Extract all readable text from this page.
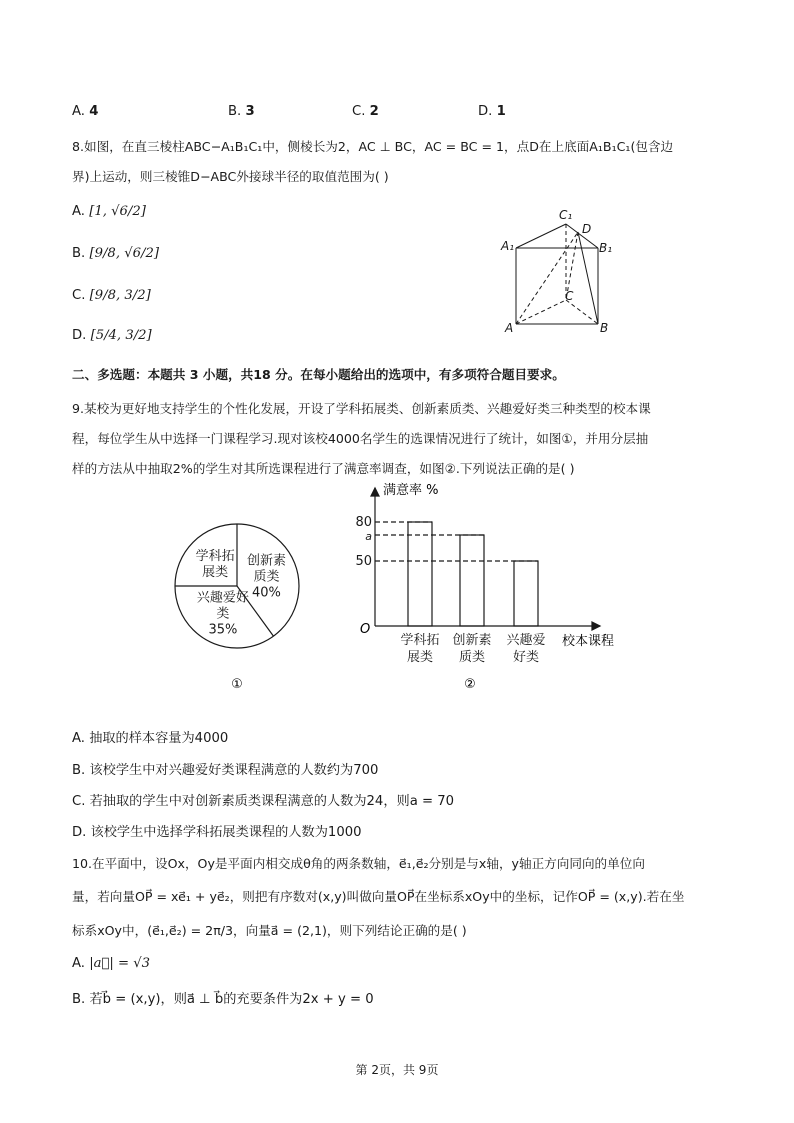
A. 4	B. 3	C. 2	D. 1
8.如图，在直三棱柱ABC−A₁B₁C₁中，侧棱长为2，AC ⊥ BC，AC = BC = 1，点D在上底面A₁B₁C₁(包含边
界)上运动，则三棱锥D−ABC外接球半径的取值范围为( )
A. [1, √6/2]
B. [9/8, √6/2]
C. [9/8, 3/2]
D. [5/4, 3/2]
A₁	B₁
C₁
D
A	B
C
二、多选题：本题共 3 小题，共18 分。在每小题给出的选项中，有多项符合题目要求。
9.某校为更好地支持学生的个性化发展，开设了学科拓展类、创新素质类、兴趣爱好类三种类型的校本课
程，每位学生从中选择一门课程学习.现对该校4000名学生的选课情况进行了统计，如图①，并用分层抽
样的方法从中抽取2%的学生对其所选课程进行了满意率调查，如图②.下列说法正确的是( )
学科拓
展类
创新素
质类
40%
兴趣爱好
类
35%
①
学科拓
展类
创新素
质类
兴趣爱
好类
80
a
50
满意率 %
校本课程
O
②
A. 抽取的样本容量为4000
B. 该校学生中对兴趣爱好类课程满意的人数约为700
C. 若抽取的学生中对创新素质类课程满意的人数为24，则a = 70
D. 该校学生中选择学科拓展类课程的人数为1000
10.在平面中，设Ox，Oy是平面内相交成θ角的两条数轴，e⃗₁,e⃗₂分别是与x轴，y轴正方向同向的单位向
量，若向量OP⃗ = xe⃗₁ + ye⃗₂，则把有序数对(x,y)叫做向量OP⃗在坐标系xOy中的坐标，记作OP⃗ = (x,y).若在坐
标系xOy中，(e⃗₁,e⃗₂) = 2π/3，向量a⃗ = (2,1)，则下列结论正确的是( )
A. |a⃗| = √3
B. 若b⃗ = (x,y)，则a⃗ ⊥ b⃗的充要条件为2x + y = 0
第 2页，共 9页
